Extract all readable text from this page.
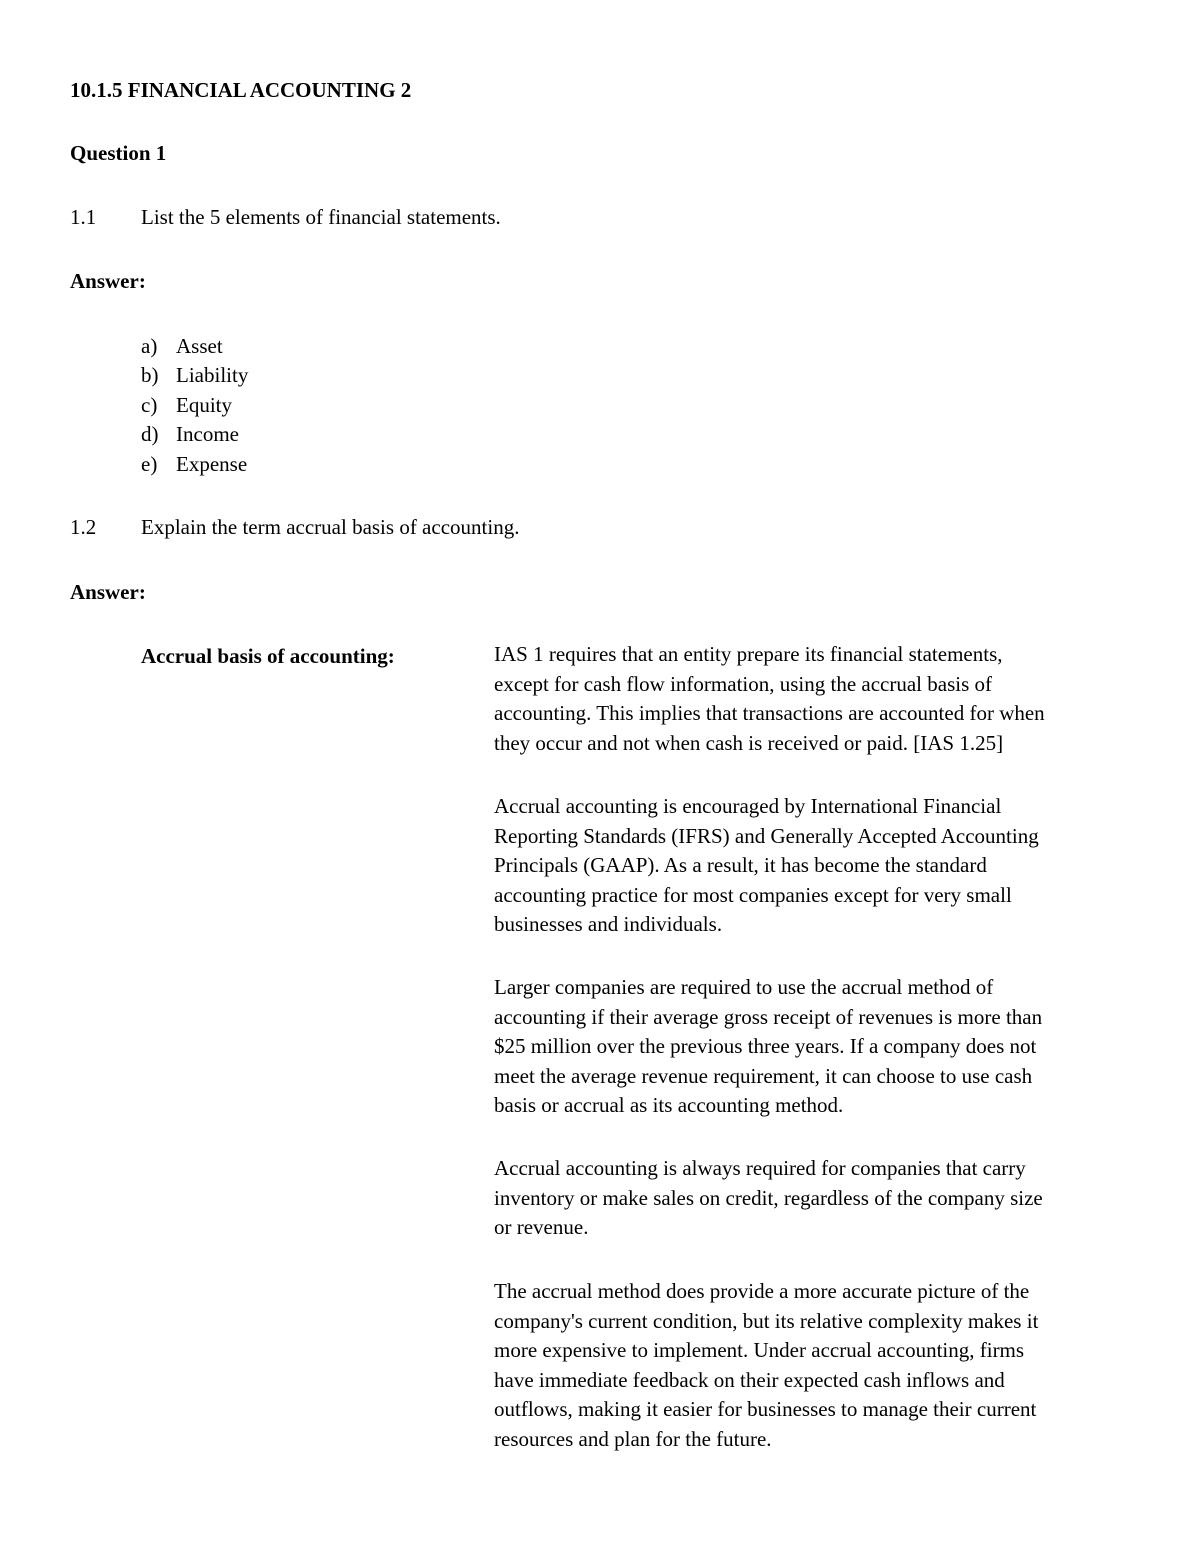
10.1.5 FINANCIAL ACCOUNTING 2
Question 1
1.1 List the 5 elements of financial statements.
Answer:
a) Asset
b) Liability
c) Equity
d) Income
e) Expense
1.2 Explain the term accrual basis of accounting.
Answer:
Accrual basis of accounting:	IAS 1 requires that an entity prepare its financial statements,
except for cash flow information, using the accrual basis of
accounting. This implies that transactions are accounted for when
they occur and not when cash is received or paid. [IAS 1.25]
Accrual accounting is encouraged by International Financial
Reporting Standards (IFRS) and Generally Accepted Accounting
Principals (GAAP). As a result, it has become the standard
accounting practice for most companies except for very small
businesses and individuals.
Larger companies are required to use the accrual method of
accounting if their average gross receipt of revenues is more than
$25 million over the previous three years. If a company does not
meet the average revenue requirement, it can choose to use cash
basis or accrual as its accounting method.
Accrual accounting is always required for companies that carry
inventory or make sales on credit, regardless of the company size
or revenue.
The accrual method does provide a more accurate picture of the
company's current condition, but its relative complexity makes it
more expensive to implement. Under accrual accounting, firms
have immediate feedback on their expected cash inflows and
outflows, making it easier for businesses to manage their current
resources and plan for the future.
